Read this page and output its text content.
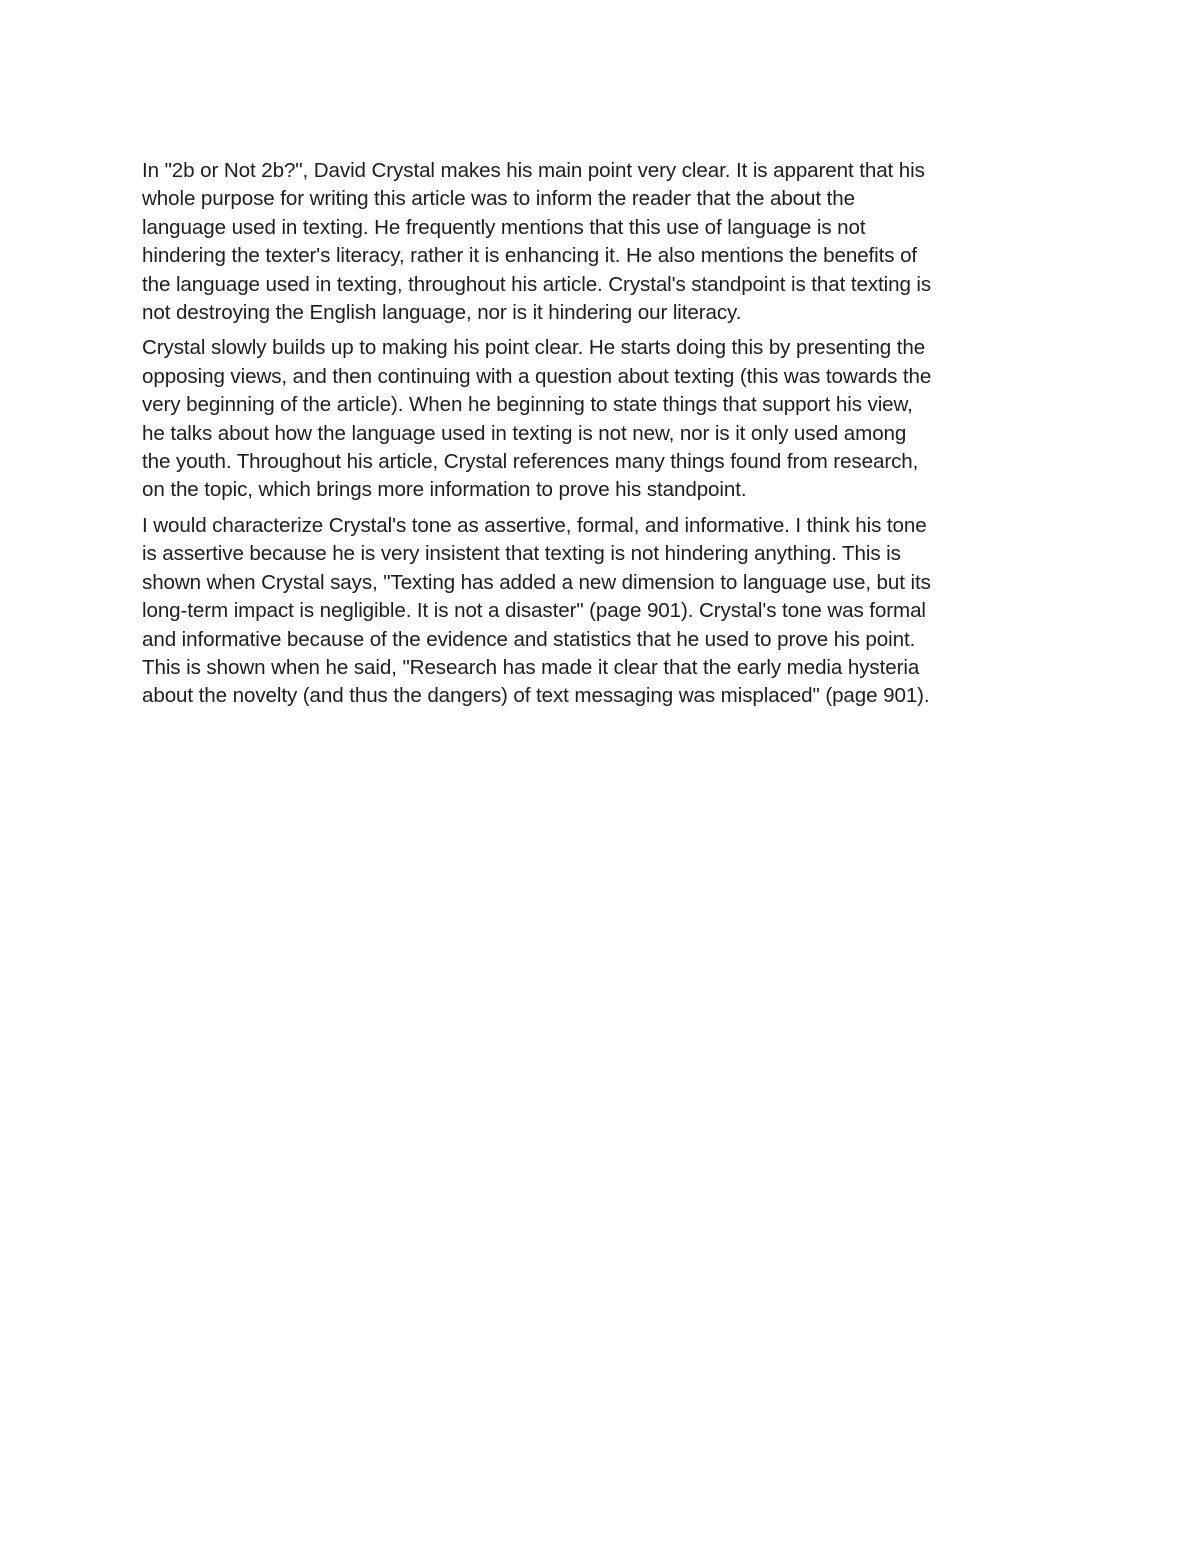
In "2b or Not 2b?", David Crystal makes his main point very clear. It is apparent that his
whole purpose for writing this article was to inform the reader that the about the
language used in texting. He frequently mentions that this use of language is not
hindering the texter's literacy, rather it is enhancing it. He also mentions the benefits of
the language used in texting, throughout his article. Crystal's standpoint is that texting is
not destroying the English language, nor is it hindering our literacy.

Crystal slowly builds up to making his point clear. He starts doing this by presenting the
opposing views, and then continuing with a question about texting (this was towards the
very beginning of the article). When he beginning to state things that support his view,
he talks about how the language used in texting is not new, nor is it only used among
the youth. Throughout his article, Crystal references many things found from research,
on the topic, which brings more information to prove his standpoint.

I would characterize Crystal's tone as assertive, formal, and informative. I think his tone
is assertive because he is very insistent that texting is not hindering anything. This is
shown when Crystal says, "Texting has added a new dimension to language use, but its
long-term impact is negligible. It is not a disaster" (page 901). Crystal's tone was formal
and informative because of the evidence and statistics that he used to prove his point.
This is shown when he said, "Research has made it clear that the early media hysteria
about the novelty (and thus the dangers) of text messaging was misplaced" (page 901).
